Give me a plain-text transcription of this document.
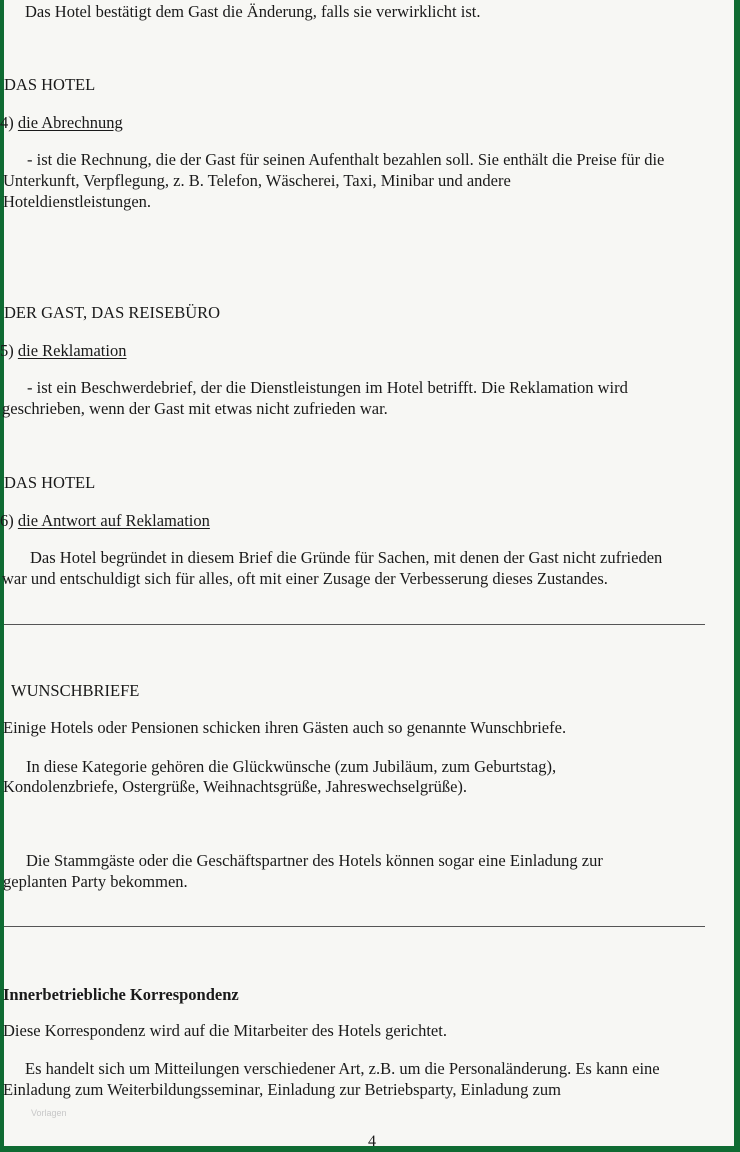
Das Hotel bestätigt dem Gast die Änderung, falls sie verwirklicht ist.
DAS HOTEL
4) die Abrechnung
- ist die Rechnung, die der Gast für seinen Aufenthalt bezahlen soll. Sie enthält die Preise für die
Unterkunft, Verpflegung, z. B. Telefon, Wäscherei, Taxi, Minibar und andere
Hoteldienstleistungen.
DER GAST, DAS REISEBÜRO
5) die Reklamation
- ist ein Beschwerdebrief, der die Dienstleistungen im Hotel betrifft. Die Reklamation wird
geschrieben, wenn der Gast mit etwas nicht zufrieden war.
DAS HOTEL
6) die Antwort auf Reklamation
Das Hotel begründet in diesem Brief die Gründe für Sachen, mit denen der Gast nicht zufrieden
war und entschuldigt sich für alles, oft mit einer Zusage der Verbesserung dieses Zustandes.
WUNSCHBRIEFE
Einige Hotels oder Pensionen schicken ihren Gästen auch so genannte Wunschbriefe.
In diese Kategorie gehören die Glückwünsche (zum Jubiläum, zum Geburtstag),
Kondolenzbriefe, Ostergrüße, Weihnachtsgrüße, Jahreswechselgrüße).
Die Stammgäste oder die Geschäftspartner des Hotels können sogar eine Einladung zur
geplanten Party bekommen.
Innerbetriebliche Korrespondenz
Diese Korrespondenz wird auf die Mitarbeiter des Hotels gerichtet.
Es handelt sich um Mitteilungen verschiedener Art, z.B. um die Personaländerung. Es kann eine
Einladung zum Weiterbildungsseminar, Einladung zur Betriebsparty, Einladung zum
Vorlagen
4
